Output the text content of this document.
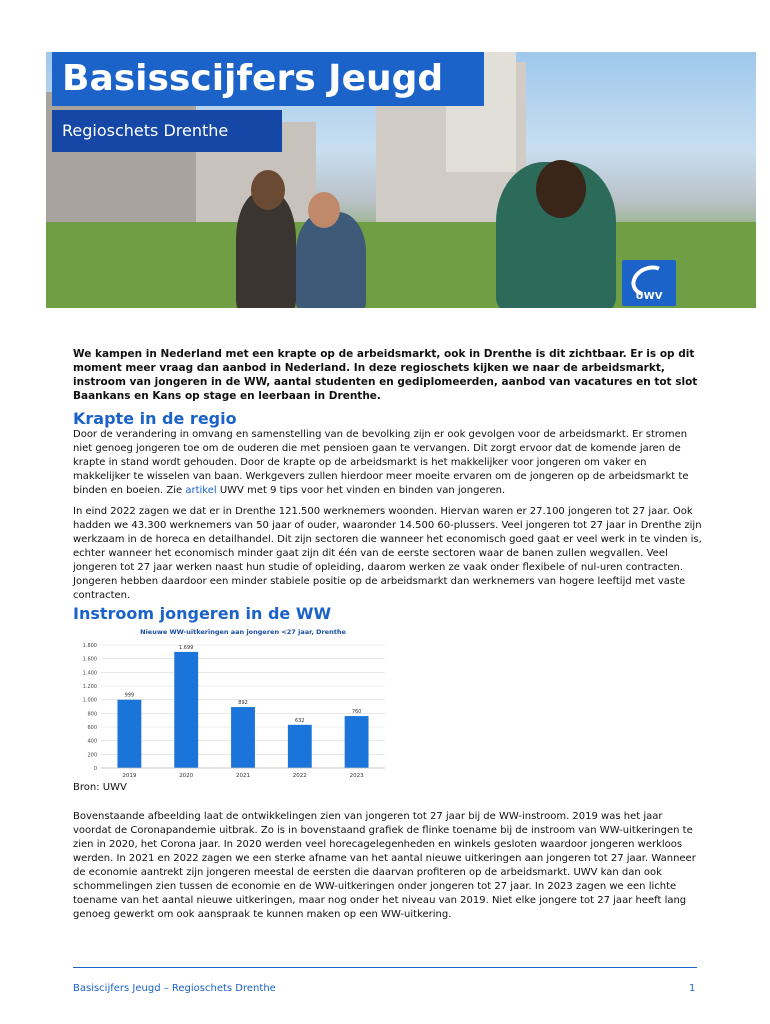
Basisscijfers Jeugd
Regioschets Drenthe
UWV

We kampen in Nederland met een krapte op de arbeidsmarkt, ook in Drenthe is dit zichtbaar. Er is op dit moment meer vraag dan aanbod in Nederland. In deze regioschets kijken we naar de arbeidsmarkt, instroom van jongeren in de WW, aantal studenten en gediplomeerden, aanbod van vacatures en tot slot Baankans en Kans op stage en leerbaan in Drenthe.

Krapte in de regio

Door de verandering in omvang en samenstelling van de bevolking zijn er ook gevolgen voor de arbeidsmarkt. Er stromen niet genoeg jongeren toe om de ouderen die met pensioen gaan te vervangen. Dit zorgt ervoor dat de komende jaren de krapte in stand wordt gehouden. Door de krapte op de arbeidsmarkt is het makkelijker voor jongeren om vaker en makkelijker te wisselen van baan. Werkgevers zullen hierdoor meer moeite ervaren om de jongeren op de arbeidsmarkt te binden en boeien. Zie artikel UWV met 9 tips voor het vinden en binden van jongeren.

In eind 2022 zagen we dat er in Drenthe 121.500 werknemers woonden. Hiervan waren er 27.100 jongeren tot 27 jaar. Ook hadden we 43.300 werknemers van 50 jaar of ouder, waaronder 14.500 60-plussers. Veel jongeren tot 27 jaar in Drenthe zijn werkzaam in de horeca en detailhandel. Dit zijn sectoren die wanneer het economisch goed gaat er veel werk in te vinden is, echter wanneer het economisch minder gaat zijn dit één van de eerste sectoren waar de banen zullen wegvallen. Veel jongeren tot 27 jaar werken naast hun studie of opleiding, daarom werken ze vaak onder flexibele of nul-uren contracten. Jongeren hebben daardoor een minder stabiele positie op de arbeidsmarkt dan werknemers van hogere leeftijd met vaste contracten.

Instroom jongeren in de WW
Nieuwe WW-uitkeringen aan jongeren <27 jaar, Drenthe
0
200
400
600
800
1.000
1.200
1.400
1.600
1.800
999
2019
1.699
2020
892
2021
632
2022
760
2023

Bron: UWV

Bovenstaande afbeelding laat de ontwikkelingen zien van jongeren tot 27 jaar bij de WW-instroom. 2019 was het jaar voordat de Coronapandemie uitbrak. Zo is in bovenstaand grafiek de flinke toename bij de instroom van WW-uitkeringen te zien in 2020, het Corona jaar. In 2020 werden veel horecagelegenheden en winkels gesloten waardoor jongeren werkloos werden. In 2021 en 2022 zagen we een sterke afname van het aantal nieuwe uitkeringen aan jongeren tot 27 jaar. Wanneer de economie aantrekt zijn jongeren meestal de eersten die daarvan profiteren op de arbeidsmarkt. UWV kan dan ook schommelingen zien tussen de economie en de WW-uitkeringen onder jongeren tot 27 jaar. In 2023 zagen we een lichte toename van het aantal nieuwe uitkeringen, maar nog onder het niveau van 2019. Niet elke jongere tot 27 jaar heeft lang genoeg gewerkt om ook aanspraak te kunnen maken op een WW-uitkering.

Basiscijfers Jeugd – Regioschets Drenthe	1
